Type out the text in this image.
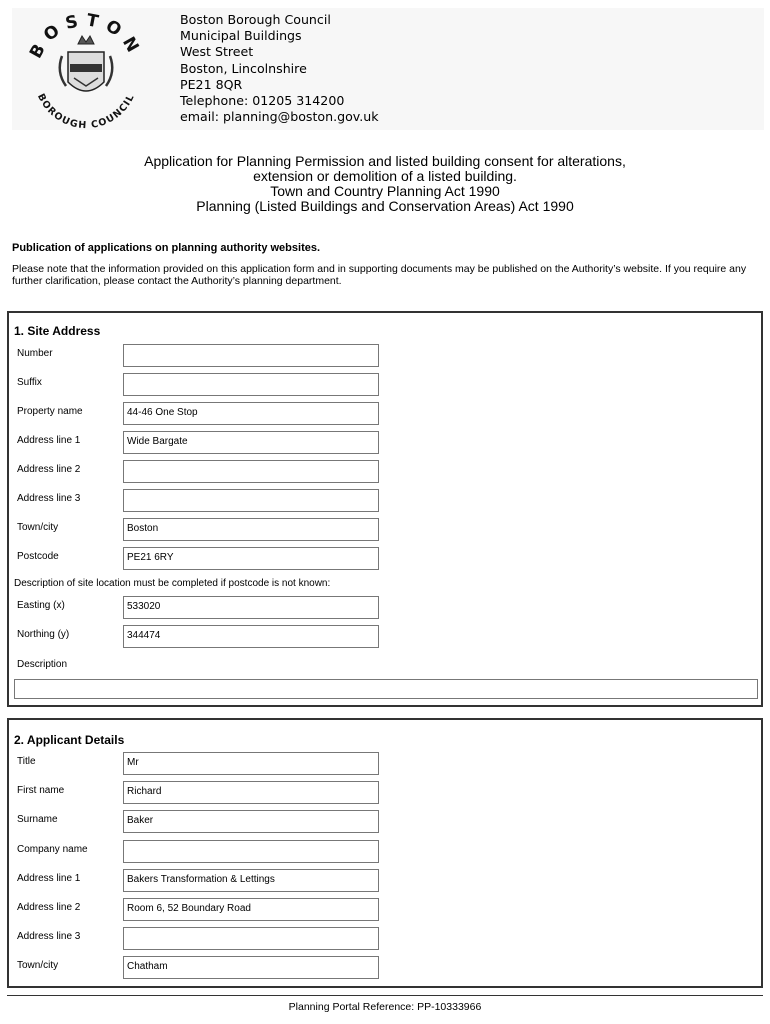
BOSTON
BOROUGH COUNCIL
Boston Borough Council
Municipal Buildings
West Street
Boston, Lincolnshire
PE21 8QR
Telephone: 01205 314200
email: planning@boston.gov.uk
Application for Planning Permission and listed building consent for alterations,
extension or demolition of a listed building.
Town and Country Planning Act 1990
Planning (Listed Buildings and Conservation Areas) Act 1990
Publication of applications on planning authority websites.
Please note that the information provided on this application form and in supporting documents may be published on the Authority’s website. If you require any further clarification, please contact the Authority’s planning department.
1. Site Address
Number
Suffix
Property name	44-46 One Stop
Address line 1	Wide Bargate
Address line 2
Address line 3
Town/city	Boston
Postcode	PE21 6RY
Description of site location must be completed if postcode is not known:
Easting (x)	533020
Northing (y)	344474
Description
2. Applicant Details
Title	Mr
First name	Richard
Surname	Baker
Company name
Address line 1	Bakers Transformation & Lettings
Address line 2	Room 6, 52 Boundary Road
Address line 3
Town/city	Chatham
Planning Portal Reference: PP-10333966
